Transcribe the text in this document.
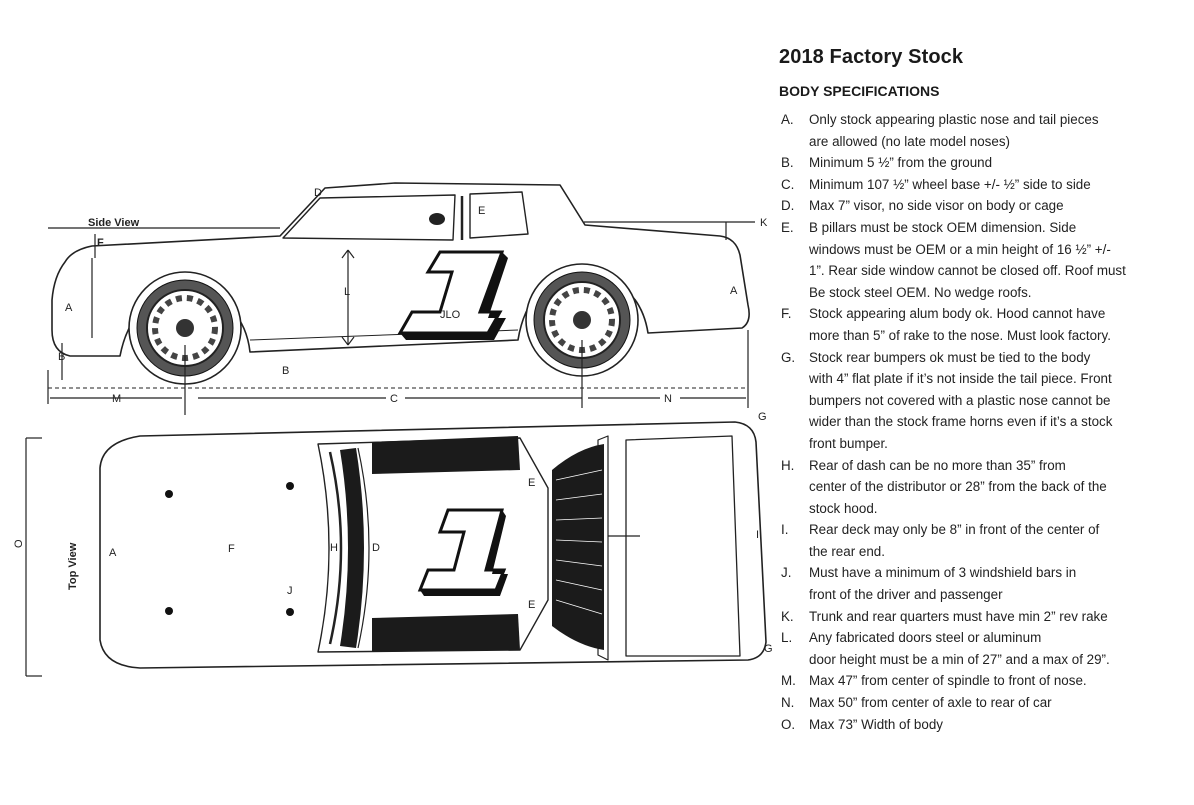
JLO
Side View
D
E
K
F
A
A
L
B
B
M	C	N
G
Top View
O
A	F	H	D
J
E
E
I
G
2018 Factory Stock
BODY SPECIFICATIONS
A. Only stock appearing plastic nose and tail pieces
are allowed (no late model noses)
B. Minimum 5 ½” from the ground
C. Minimum 107 ½” wheel base +/- ½” side to side
D. Max 7” visor, no side visor on body or cage
E. B pillars must be stock OEM dimension. Side
windows must be OEM or a min height of 16 ½” +/-
1”. Rear side window cannot be closed off. Roof must
Be stock steel OEM. No wedge roofs.
F. Stock appearing alum body ok. Hood cannot have
more than 5” of rake to the nose. Must look factory.
G. Stock rear bumpers ok must be tied to the body
with 4” flat plate if it’s not inside the tail piece. Front
bumpers not covered with a plastic nose cannot be
wider than the stock frame horns even if it’s a stock
front bumper.
H. Rear of dash can be no more than 35” from
center of the distributor or 28” from the back of the
stock hood.
I. Rear deck may only be 8” in front of the center of
the rear end.
J. Must have a minimum of 3 windshield bars in
front of the driver and passenger
K. Trunk and rear quarters must have min 2” rev rake
L. Any fabricated doors steel or aluminum
door height must be a min of 27” and a max of 29”.
M. Max 47” from center of spindle to front of nose.
N. Max 50” from center of axle to rear of car
O. Max 73” Width of body
